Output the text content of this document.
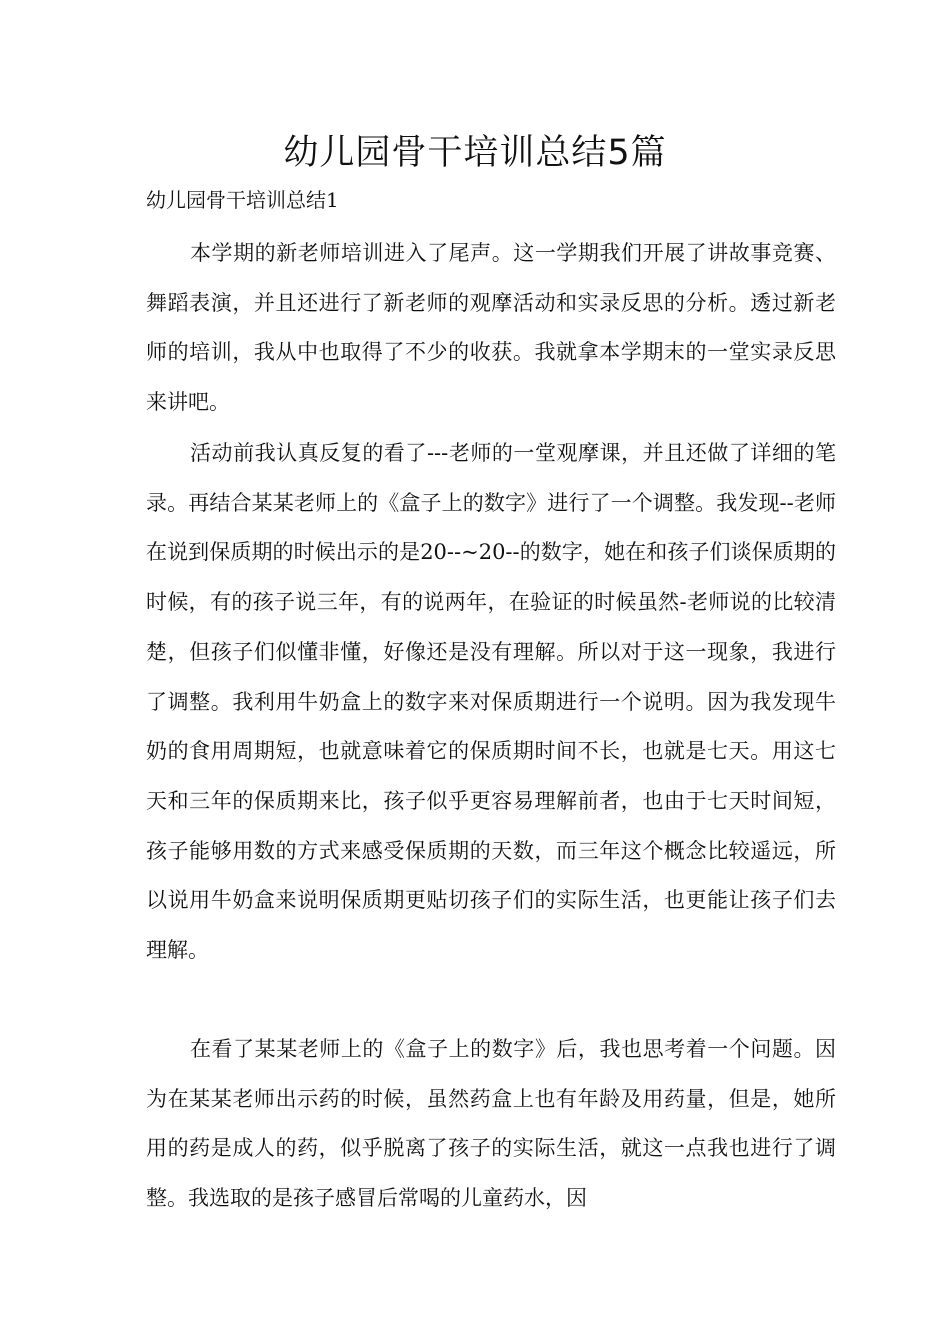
幼儿园骨干培训总结5篇
幼儿园骨干培训总结1

本学期的新老师培训进入了尾声。这一学期我们开展了讲故事竞赛、舞蹈表演，并且还进行了新老师的观摩活动和实录反思的分析。透过新老师的培训，我从中也取得了不少的收获。我就拿本学期末的一堂实录反思来讲吧。

活动前我认真反复的看了---老师的一堂观摩课，并且还做了详细的笔录。再结合某某老师上的《盒子上的数字》进行了一个调整。我发现--老师在说到保质期的时候出示的是20--~20--的数字，她在和孩子们谈保质期的时候，有的孩子说三年，有的说两年，在验证的时候虽然-老师说的比较清楚，但孩子们似懂非懂，好像还是没有理解。所以对于这一现象，我进行了调整。我利用牛奶盒上的数字来对保质期进行一个说明。因为我发现牛奶的食用周期短，也就意味着它的保质期时间不长，也就是七天。用这七天和三年的保质期来比，孩子似乎更容易理解前者，也由于七天时间短，孩子能够用数的方式来感受保质期的天数，而三年这个概念比较遥远，所以说用牛奶盒来说明保质期更贴切孩子们的实际生活，也更能让孩子们去理解。

在看了某某老师上的《盒子上的数字》后，我也思考着一个问题。因为在某某老师出示药的时候，虽然药盒上也有年龄及用药量，但是，她所用的药是成人的药，似乎脱离了孩子的实际生活，就这一点我也进行了调整。我选取的是孩子感冒后常喝的儿童药水，因
